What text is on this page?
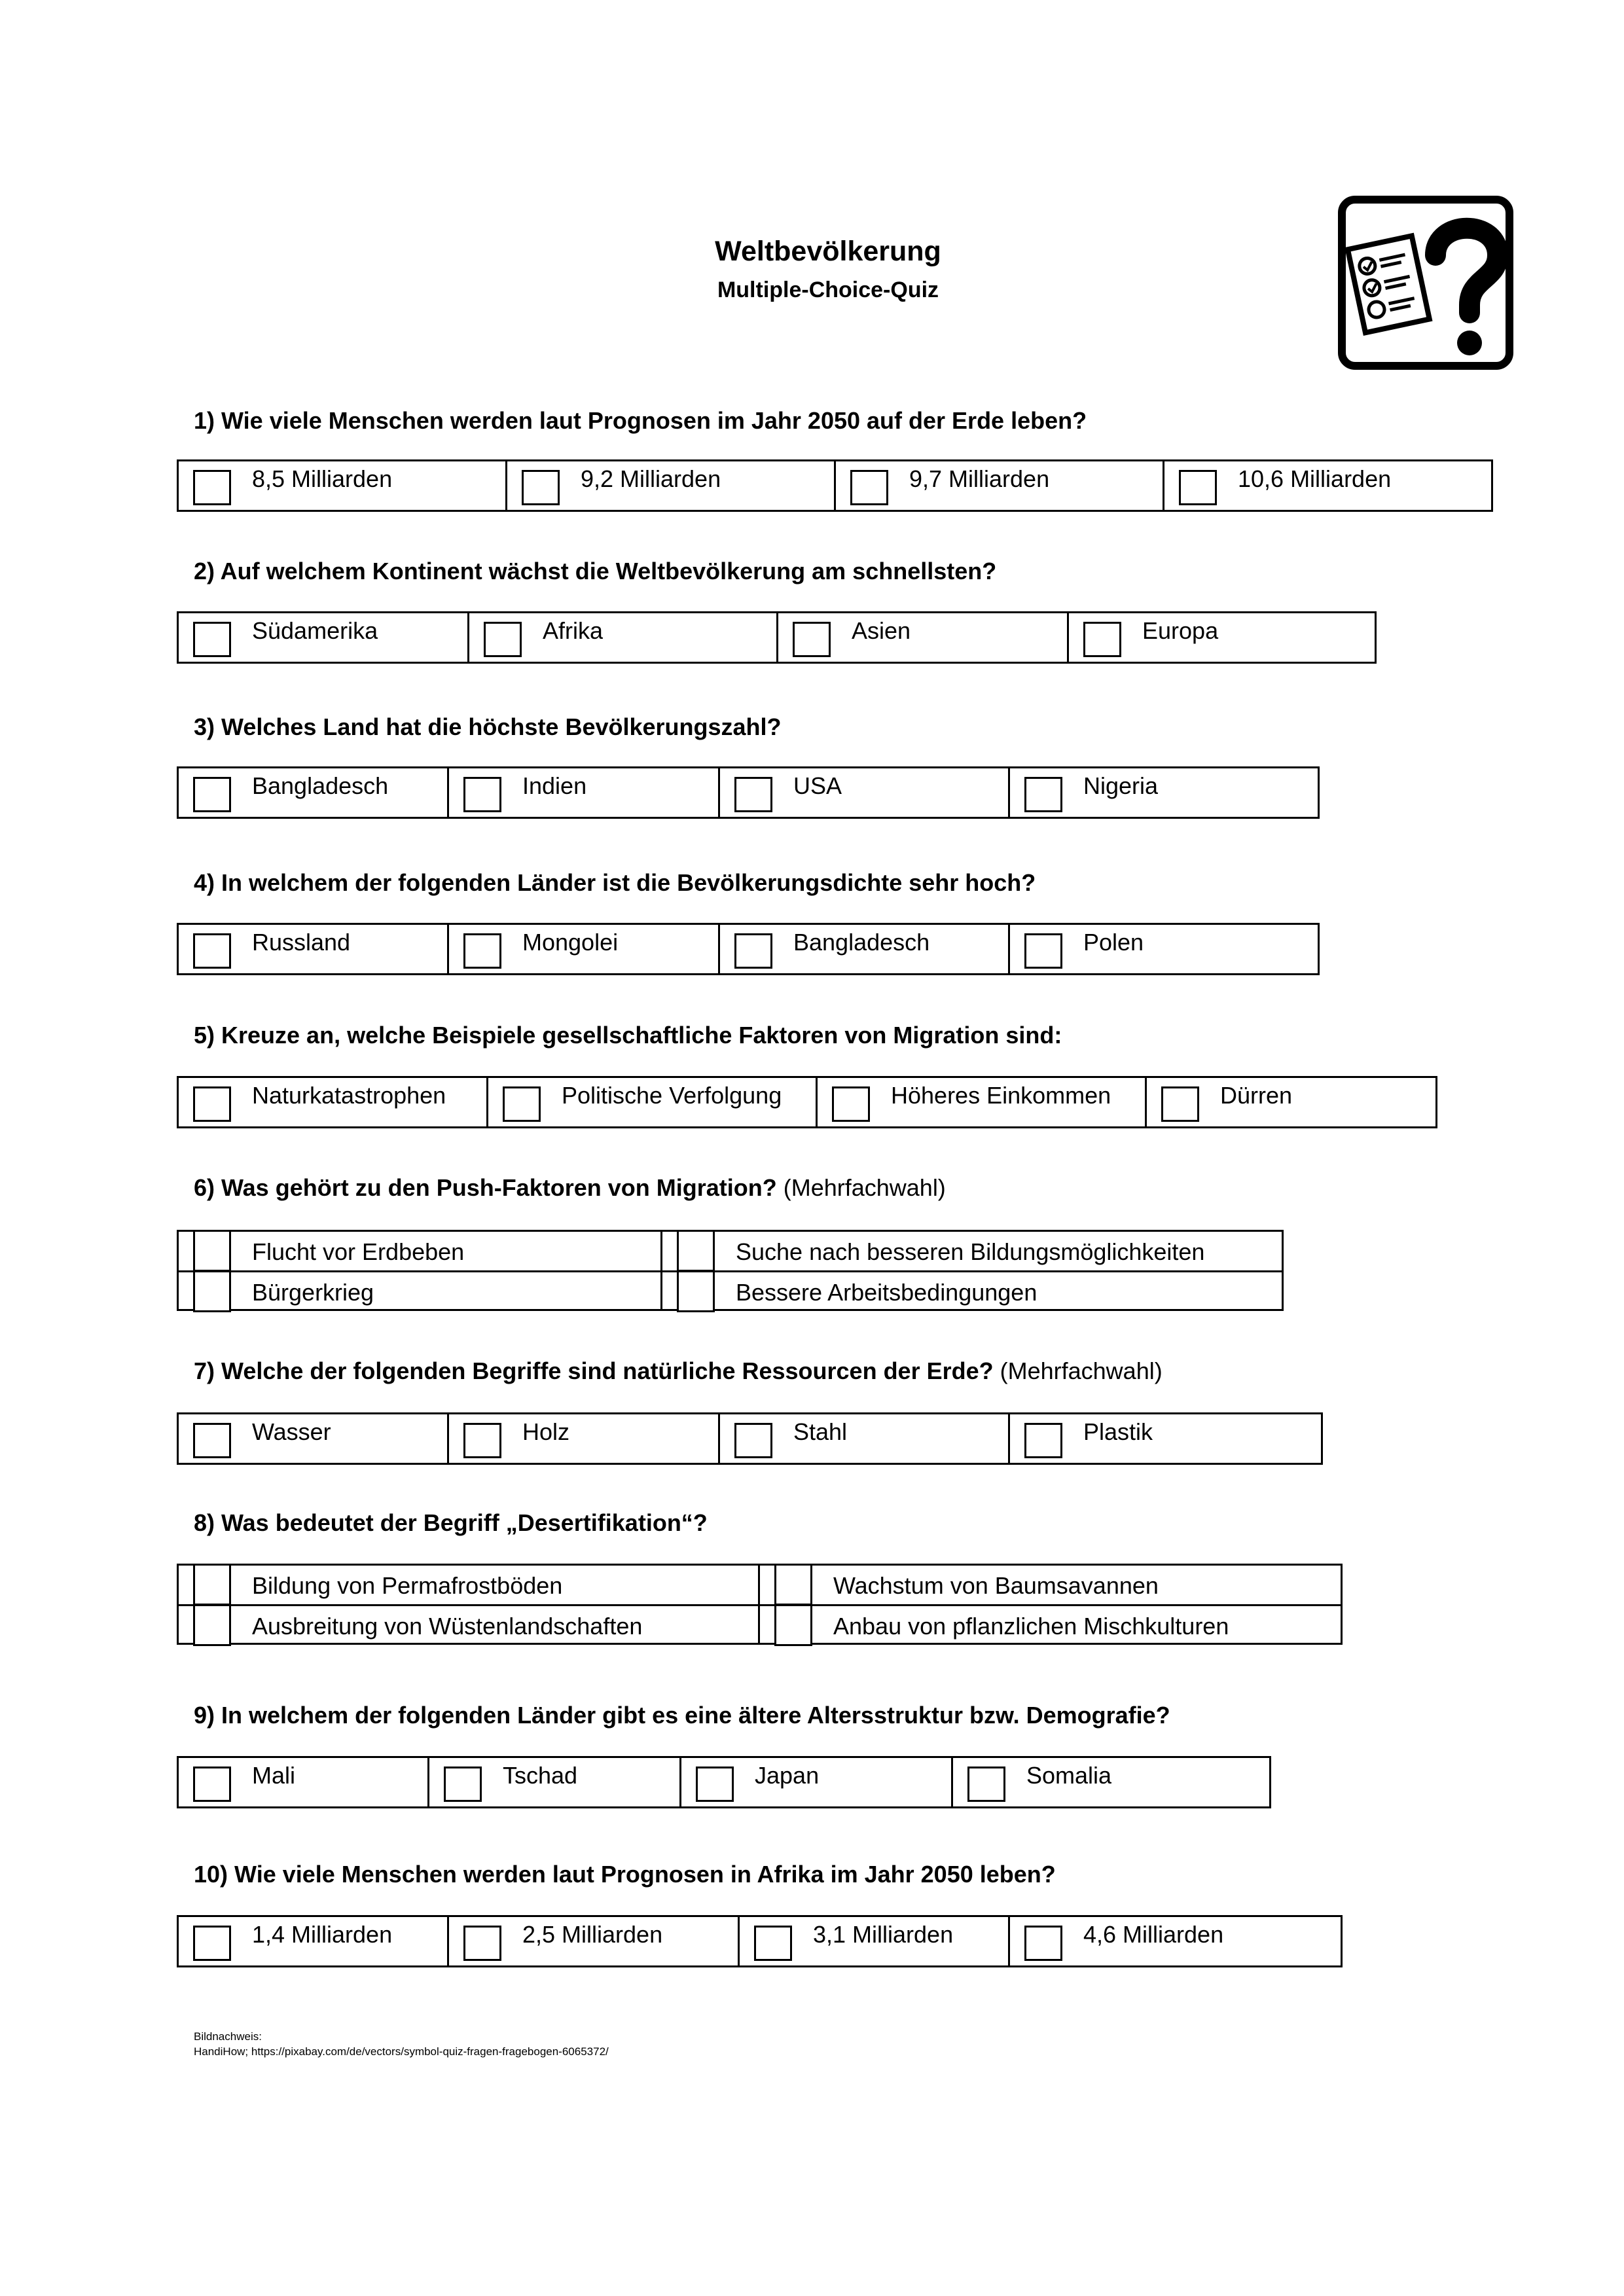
Weltbevölkerung
Multiple-Choice-Quiz
1) Wie viele Menschen werden laut Prognosen im Jahr 2050 auf der Erde leben?
8,5 Milliarden	9,2 Milliarden	9,7 Milliarden	10,6 Milliarden
2) Auf welchem Kontinent wächst die Weltbevölkerung am schnellsten?
Südamerika	Afrika	Asien	Europa
3) Welches Land hat die höchste Bevölkerungszahl?
Bangladesch	Indien	USA	Nigeria
4) In welchem der folgenden Länder ist die Bevölkerungsdichte sehr hoch?
Russland	Mongolei	Bangladesch	Polen
5) Kreuze an, welche Beispiele gesellschaftliche Faktoren von Migration sind:
Naturkatastrophen	Politische Verfolgung	Höheres Einkommen	Dürren
6) Was gehört zu den Push-Faktoren von Migration? (Mehrfachwahl)
Flucht vor Erdbeben	Suche nach besseren Bildungsmöglichkeiten
Bürgerkrieg	Bessere Arbeitsbedingungen
7) Welche der folgenden Begriffe sind natürliche Ressourcen der Erde? (Mehrfachwahl)
Wasser	Holz	Stahl	Plastik
8) Was bedeutet der Begriff „Desertifikation“?
Bildung von Permafrostböden	Wachstum von Baumsavannen
Ausbreitung von Wüstenlandschaften	Anbau von pflanzlichen Mischkulturen
9) In welchem der folgenden Länder gibt es eine ältere Altersstruktur bzw. Demografie?
Mali	Tschad	Japan	Somalia
10) Wie viele Menschen werden laut Prognosen in Afrika im Jahr 2050 leben?
1,4 Milliarden	2,5 Milliarden	3,1 Milliarden	4,6 Milliarden
Bildnachweis:
HandiHow; https://pixabay.com/de/vectors/symbol-quiz-fragen-fragebogen-6065372/
